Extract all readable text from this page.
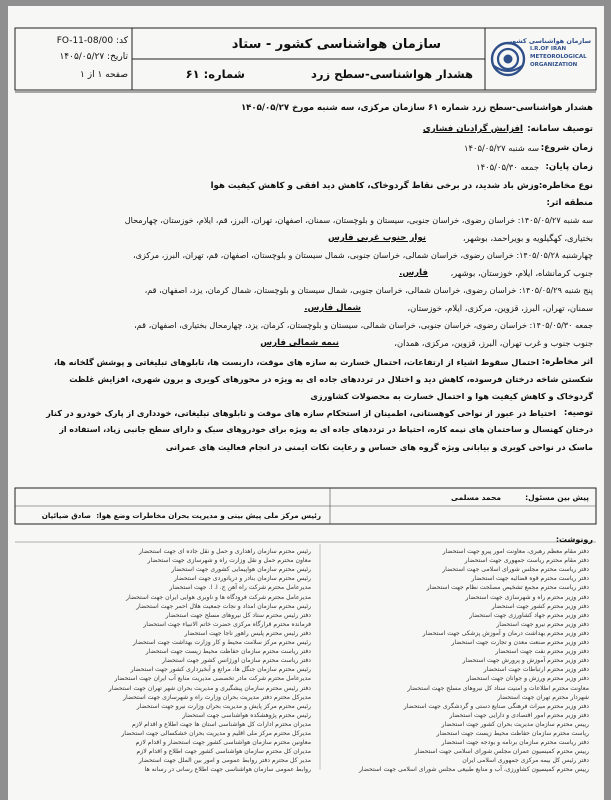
سازمان هواشناسی کشور
I.R.OF IRAN
METEOROLOGICAL
ORGANIZATION
سازمان هواشناسی کشور - ستاد
هشدار هواشناسی-سطح زرد
شماره: ۶۱
کد: FO-11-08/00
تاریخ: ۱۴۰۵/۰۵/۲۷
صفحه ۱ از ۱
هشدار هواشناسی-سطح زرد شماره ۶۱ سازمان مرکزی، سه شنبه مورخ ۱۴۰۵/۰۵/۲۷
توصیف سامانه:
افزایش گرادیان فشاری
زمان شروع:
سه شنبه ۱۴۰۵/۰۵/۲۷
زمان پایان:
جمعه ۱۴۰۵/۰۵/۳۰
نوع مخاطره:
وزش باد شدید، در برخی نقاط گردوخاک، کاهش دید افقی و کاهش کیفیت هوا
منطقه اثر:
سه شنبه ۱۴۰۵/۰۵/۲۷: خراسان رضوی، خراسان جنوبی، سیستان و بلوچستان، سمنان، اصفهان، تهران، البرز، قم، ایلام، خوزستان، چهارمحال
بختیاری، کهگیلویه و بویراحمد، بوشهر،
نوار جنوب غربی فارس
چهارشنبه ۱۴۰۵/۰۵/۲۸: خراسان رضوی، خراسان شمالی، خراسان جنوبی، شمال سیستان و بلوچستان، اصفهان، قم، تهران، البرز، مرکزی،
جنوب کرمانشاه، ایلام، خوزستان، بوشهر،
فارس.
پنج شنبه ۱۴۰۵/۰۵/۲۹: خراسان رضوی، خراسان شمالی، خراسان جنوبی، شمال سیستان و بلوچستان، شمال کرمان، یزد، اصفهان، قم،
سمنان، تهران، البرز، قزوین، مرکزی، ایلام، خوزستان،
شمال فارس.
جمعه ۱۴۰۵/۰۵/۳۰: خراسان رضوی، خراسان جنوبی، خراسان شمالی، سیستان و بلوچستان، کرمان، یزد، چهارمحال بختیاری، اصفهان، قم،
جنوب جنوب و غرب تهران، البرز، قزوین، مرکزی، همدان،
نیمه شمالی فارس
اثر مخاطره:
احتمال سقوط اشیاء از ارتفاعات، احتمال خسارت به سازه های موقت، داربست ها، تابلوهای تبلیغاتی و پوشش گلخانه ها،
شکستن شاخه درختان فرسوده، کاهش دید و اختلال در ترددهای جاده ای به ویژه در محورهای کویری و برون شهری، افزایش غلظت
گردوخاک و کاهش کیفیت هوا و احتمال خسارت به محصولات کشاورزی
توصیه:
احتیاط در عبور از نواحی کوهستانی، اطمینان از استحکام سازه های موقت و تابلوهای تبلیغاتی، خودداری از پارک خودرو در کنار
درختان کهنسال و ساختمان های نیمه کاره، احتیاط در ترددهای جاده ای به ویژه برای خودروهای سبک و دارای سطح جانبی زیاد، استفاده از
ماسک در نواحی کویری و بیابانی ویژه گروه های حساس و رعایت نکات ایمنی در انجام فعالیت های عمرانی
پیش بین مسئول:
محمد مسلمی
رئیس مرکز ملی پیش بینی و مدیریت بحران مخاطرات وضع هوا:
صادق ضیائیان
رونوشت:
دفتر مقام معظم رهبری، معاونت امور پیرو جهت استحضار
دفتر مقام محترم ریاست جمهوری جهت استحضار
دفتر ریاست محترم مجلس شورای اسلامی جهت استحضار
دفتر ریاست محترم قوه قضائیه جهت استحضار
دفتر ریاست محترم مجمع تشخیص مصلحت نظام جهت استحضار
دفتر وزیر محترم راه و شهرسازی جهت استحضار
دفتر وزیر محترم کشور جهت استحضار
دفتر وزیر محترم جهاد کشاورزی جهت استحضار
دفتر وزیر محترم نیرو جهت استحضار
دفتر وزیر محترم بهداشت درمان و آموزش پزشکی جهت استحضار
دفتر وزیر محترم صنعت معدن و تجارت جهت استحضار
دفتر وزیر محترم نفت جهت استحضار
دفتر وزیر محترم آموزش و پرورش جهت استحضار
دفتر وزیر محترم ارتباطات جهت استحضار
دفتر وزیر محترم ورزش و جوانان جهت استحضار
معاونت محترم اطلاعات و امنیت ستاد کل نیروهای مسلح جهت استحضار
شهردار محترم تهران جهت استحضار
دفتر وزیر محترم میراث فرهنگی صنایع دستی و گردشگری جهت استحضار
دفتر وزیر محترم امور اقتصادی و دارایی جهت استحضار
رییس محترم سازمان مدیریت بحران کشور جهت استحضار
ریاست محترم سازمان حفاظت محیط زیست جهت استحضار
دفتر ریاست محترم سازمان برنامه و بودجه جهت استحضار
رییس محترم کمیسیون عمران مجلس شورای اسلامی جهت استحضار
دفتر رئیس کل بیمه مرکزی جمهوری اسلامی ایران
رییس محترم کمیسیون کشاورزی، آب و منابع طبیعی مجلس شورای اسلامی جهت استحضار
رئیس محترم سازمان راهداری و حمل و نقل جاده ای جهت استحضار
معاون محترم حمل و نقل وزارت راه و شهرسازی جهت استحضار
رئیس محترم سازمان هواپیمایی کشوری جهت استحضار
رئیس محترم سازمان بنادر و دریانوردی جهت استحضار
مدیرعامل محترم شرکت راه آهن ج. ا. ا. جهت استحضار
مدیرعامل محترم شرکت فرودگاه ها و ناوبری هوایی ایران جهت استحضار
رئیس محترم سازمان امداد و نجات جمعیت هلال احمر جهت استحضار
دفتر رئیس محترم ستاد کل نیروهای مسلح جهت استحضار
فرمانده محترم قرارگاه مرکزی حضرت خاتم الانبیاء جهت استحضار
دفتر رئیس محترم پلیس راهور ناجا جهت استحضار
رئیس محترم مرکز سلامت محیط و کار وزارت بهداشت جهت استحضار
دفتر ریاست محترم سازمان حفاظت محیط زیست جهت استحضار
دفتر ریاست محترم سازمان اورژانس کشور جهت استحضار
رئیس محترم سازمان جنگل ها، مراتع و آبخیزداری کشور جهت استحضار
مدیرعامل محترم شرکت مادر تخصصی مدیریت منابع آب ایران جهت استحضار
دفتر رئیس محترم سازمان پیشگیری و مدیریت بحران شهر تهران جهت استحضار
مدیرکل محترم دفتر مدیریت بحران وزارت راه و شهرسازی جهت استحضار
رئیس محترم مرکز پایش و مدیریت بحران وزارت نیرو جهت استحضار
رئیس محترم پژوهشکده هواشناسی جهت استحضار
مدیران محترم ادارات کل هواشناسی استان ها جهت اطلاع و اقدام لازم
مدیرکل محترم مرکز ملی اقلیم و مدیریت بحران خشکسالی جهت استحضار
معاونین محترم سازمان هواشناسی کشور جهت استحضار و اقدام لازم
مدیران کل محترم سازمان هواشناسی کشور جهت اطلاع و اقدام لازم
مدیر کل محترم دفتر روابط عمومی و امور بین الملل جهت استحضار
روابط عمومی سازمان هواشناسی جهت اطلاع رسانی در رسانه ها
